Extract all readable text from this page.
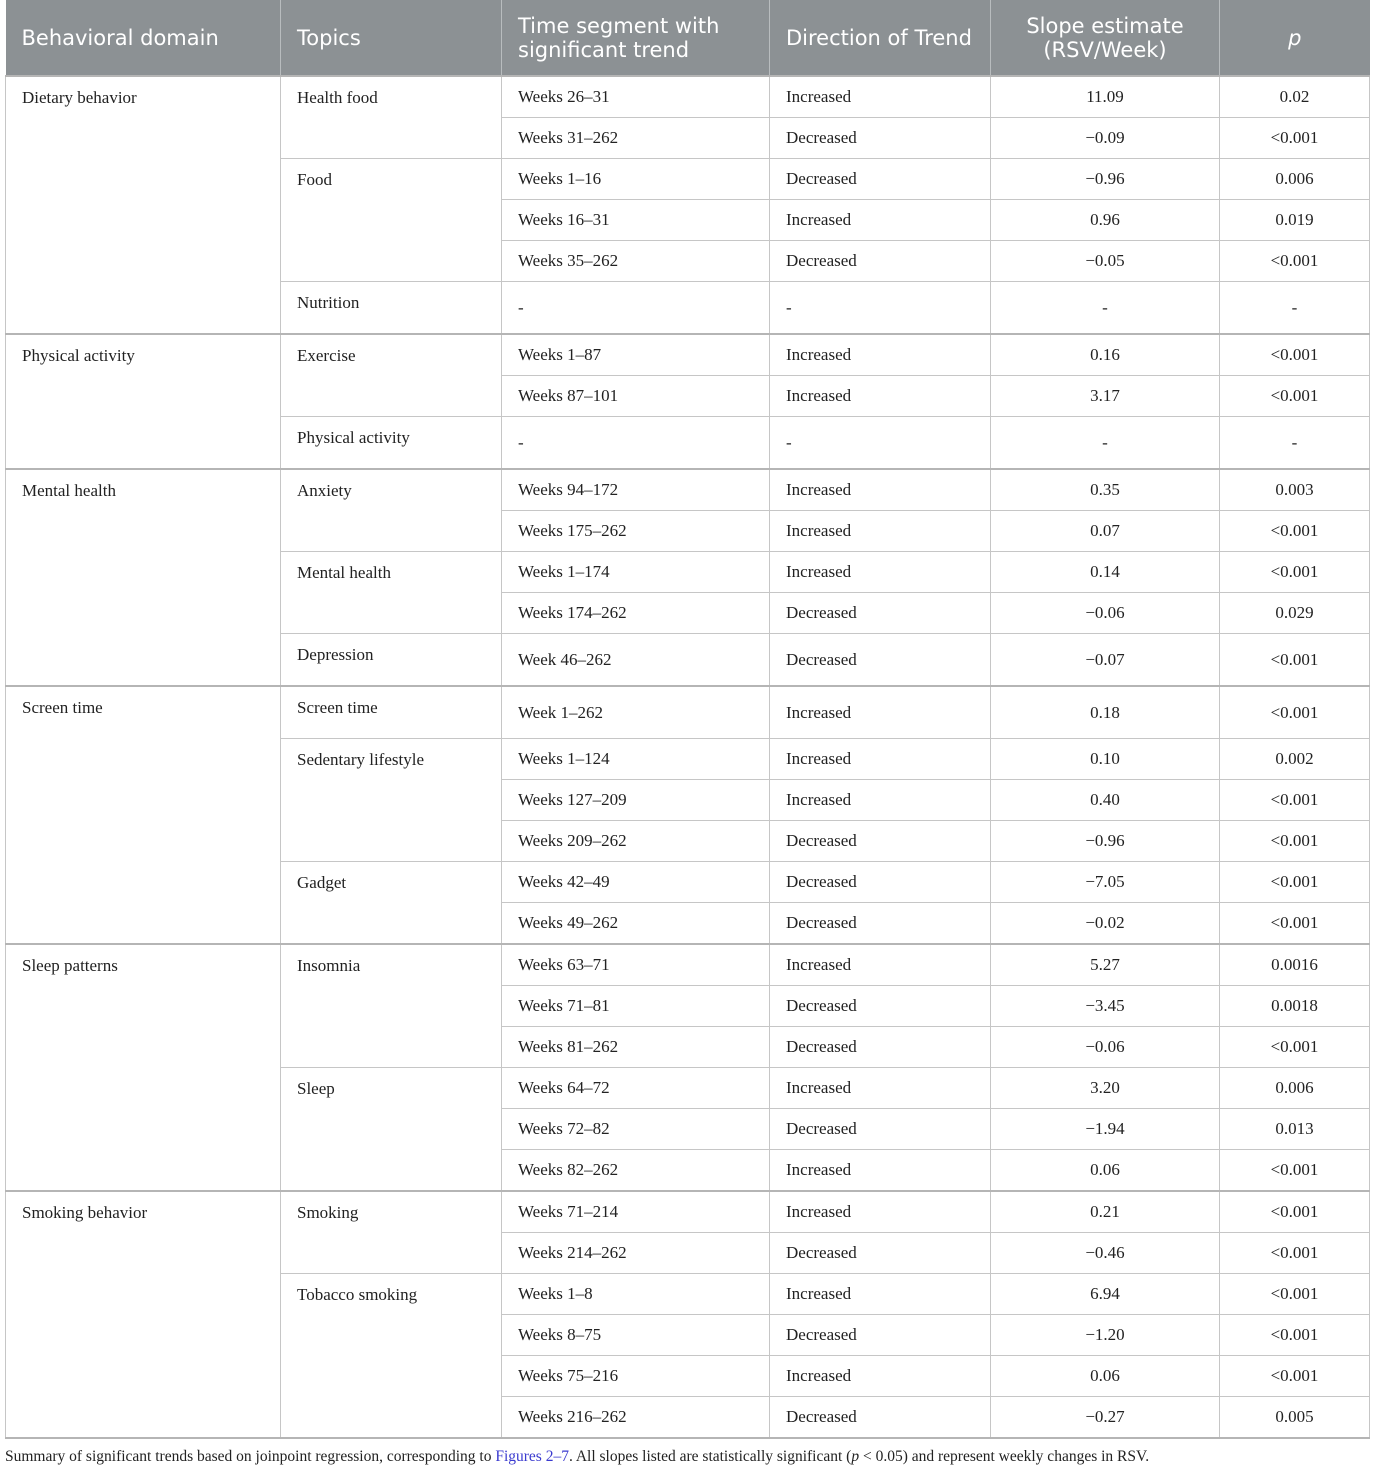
Behavioral domain	Topics	Time segment with significant trend	Direction of Trend	Slope estimate (RSV/Week)	p
Dietary behavior	Health food	Weeks 26–31	Increased	11.09	0.02
		Weeks 31–262	Decreased	−0.09	<0.001
	Food	Weeks 1–16	Decreased	−0.96	0.006
		Weeks 16–31	Increased	0.96	0.019
		Weeks 35–262	Decreased	−0.05	<0.001
	Nutrition	-	-	-	-
Physical activity	Exercise	Weeks 1–87	Increased	0.16	<0.001
		Weeks 87–101	Increased	3.17	<0.001
	Physical activity	-	-	-	-
Mental health	Anxiety	Weeks 94–172	Increased	0.35	0.003
		Weeks 175–262	Increased	0.07	<0.001
	Mental health	Weeks 1–174	Increased	0.14	<0.001
		Weeks 174–262	Decreased	−0.06	0.029
	Depression	Week 46–262	Decreased	−0.07	<0.001
Screen time	Screen time	Week 1–262	Increased	0.18	<0.001
	Sedentary lifestyle	Weeks 1–124	Increased	0.10	0.002
		Weeks 127–209	Increased	0.40	<0.001
		Weeks 209–262	Decreased	−0.96	<0.001
	Gadget	Weeks 42–49	Decreased	−7.05	<0.001
		Weeks 49–262	Decreased	−0.02	<0.001
Sleep patterns	Insomnia	Weeks 63–71	Increased	5.27	0.0016
		Weeks 71–81	Decreased	−3.45	0.0018
		Weeks 81–262	Decreased	−0.06	<0.001
	Sleep	Weeks 64–72	Increased	3.20	0.006
		Weeks 72–82	Decreased	−1.94	0.013
		Weeks 82–262	Increased	0.06	<0.001
Smoking behavior	Smoking	Weeks 71–214	Increased	0.21	<0.001
		Weeks 214–262	Decreased	−0.46	<0.001
	Tobacco smoking	Weeks 1–8	Increased	6.94	<0.001
		Weeks 8–75	Decreased	−1.20	<0.001
		Weeks 75–216	Increased	0.06	<0.001
		Weeks 216–262	Decreased	−0.27	0.005

Summary of significant trends based on joinpoint regression, corresponding to Figures 2–7. All slopes listed are statistically significant (p < 0.05) and represent weekly changes in RSV.
